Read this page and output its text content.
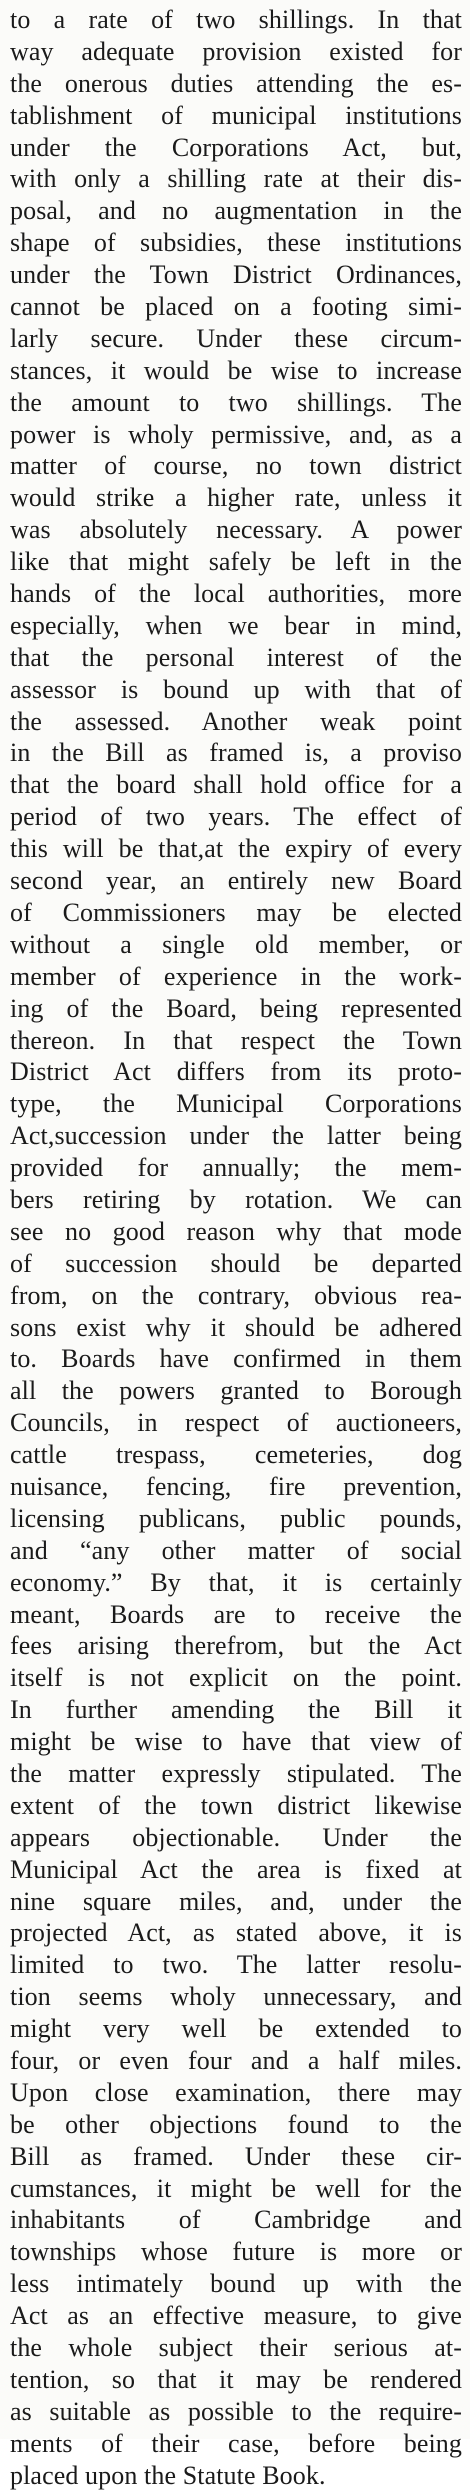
to a rate of two shillings. In that
way adequate provision existed for
the onerous duties attending the es-
tablishment of municipal institutions
under the Corporations Act, but,
with only a shilling rate at their dis-
posal, and no augmentation in the
shape of subsidies, these institutions
under the Town District Ordinances,
cannot be placed on a footing simi-
larly secure. Under these circum-
stances, it would be wise to increase
the amount to two shillings. The
power is wholy permissive, and, as a
matter of course, no town district
would strike a higher rate, unless it
was absolutely necessary. A power
like that might safely be left in the
hands of the local authorities, more
especially, when we bear in mind,
that the personal interest of the
assessor is bound up with that of
the assessed. Another weak point
in the Bill as framed is, a proviso
that the board shall hold office for a
period of two years. The effect of
this will be that,at the expiry of every
second year, an entirely new Board
of Commissioners may be elected
without a single old member, or
member of experience in the work-
ing of the Board, being represented
thereon. In that respect the Town
District Act differs from its proto-
type, the Municipal Corporations
Act,succession under the latter being
provided for annually; the mem-
bers retiring by rotation. We can
see no good reason why that mode
of succession should be departed
from, on the contrary, obvious rea-
sons exist why it should be adhered
to. Boards have confirmed in them
all the powers granted to Borough
Councils, in respect of auctioneers,
cattle trespass, cemeteries, dog
nuisance, fencing, fire prevention,
licensing publicans, public pounds,
and “any other matter of social
economy.” By that, it is certainly
meant, Boards are to receive the
fees arising therefrom, but the Act
itself is not explicit on the point.
In further amending the Bill it
might be wise to have that view of
the matter expressly stipulated. The
extent of the town district likewise
appears objectionable. Under the
Municipal Act the area is fixed at
nine square miles, and, under the
projected Act, as stated above, it is
limited to two. The latter resolu-
tion seems wholy unnecessary, and
might very well be extended to
four, or even four and a half miles.
Upon close examination, there may
be other objections found to the
Bill as framed. Under these cir-
cumstances, it might be well for the
inhabitants of Cambridge and
townships whose future is more or
less intimately bound up with the
Act as an effective measure, to give
the whole subject their serious at-
tention, so that it may be rendered
as suitable as possible to the require-
ments of their case, before being
placed upon the Statute Book.
